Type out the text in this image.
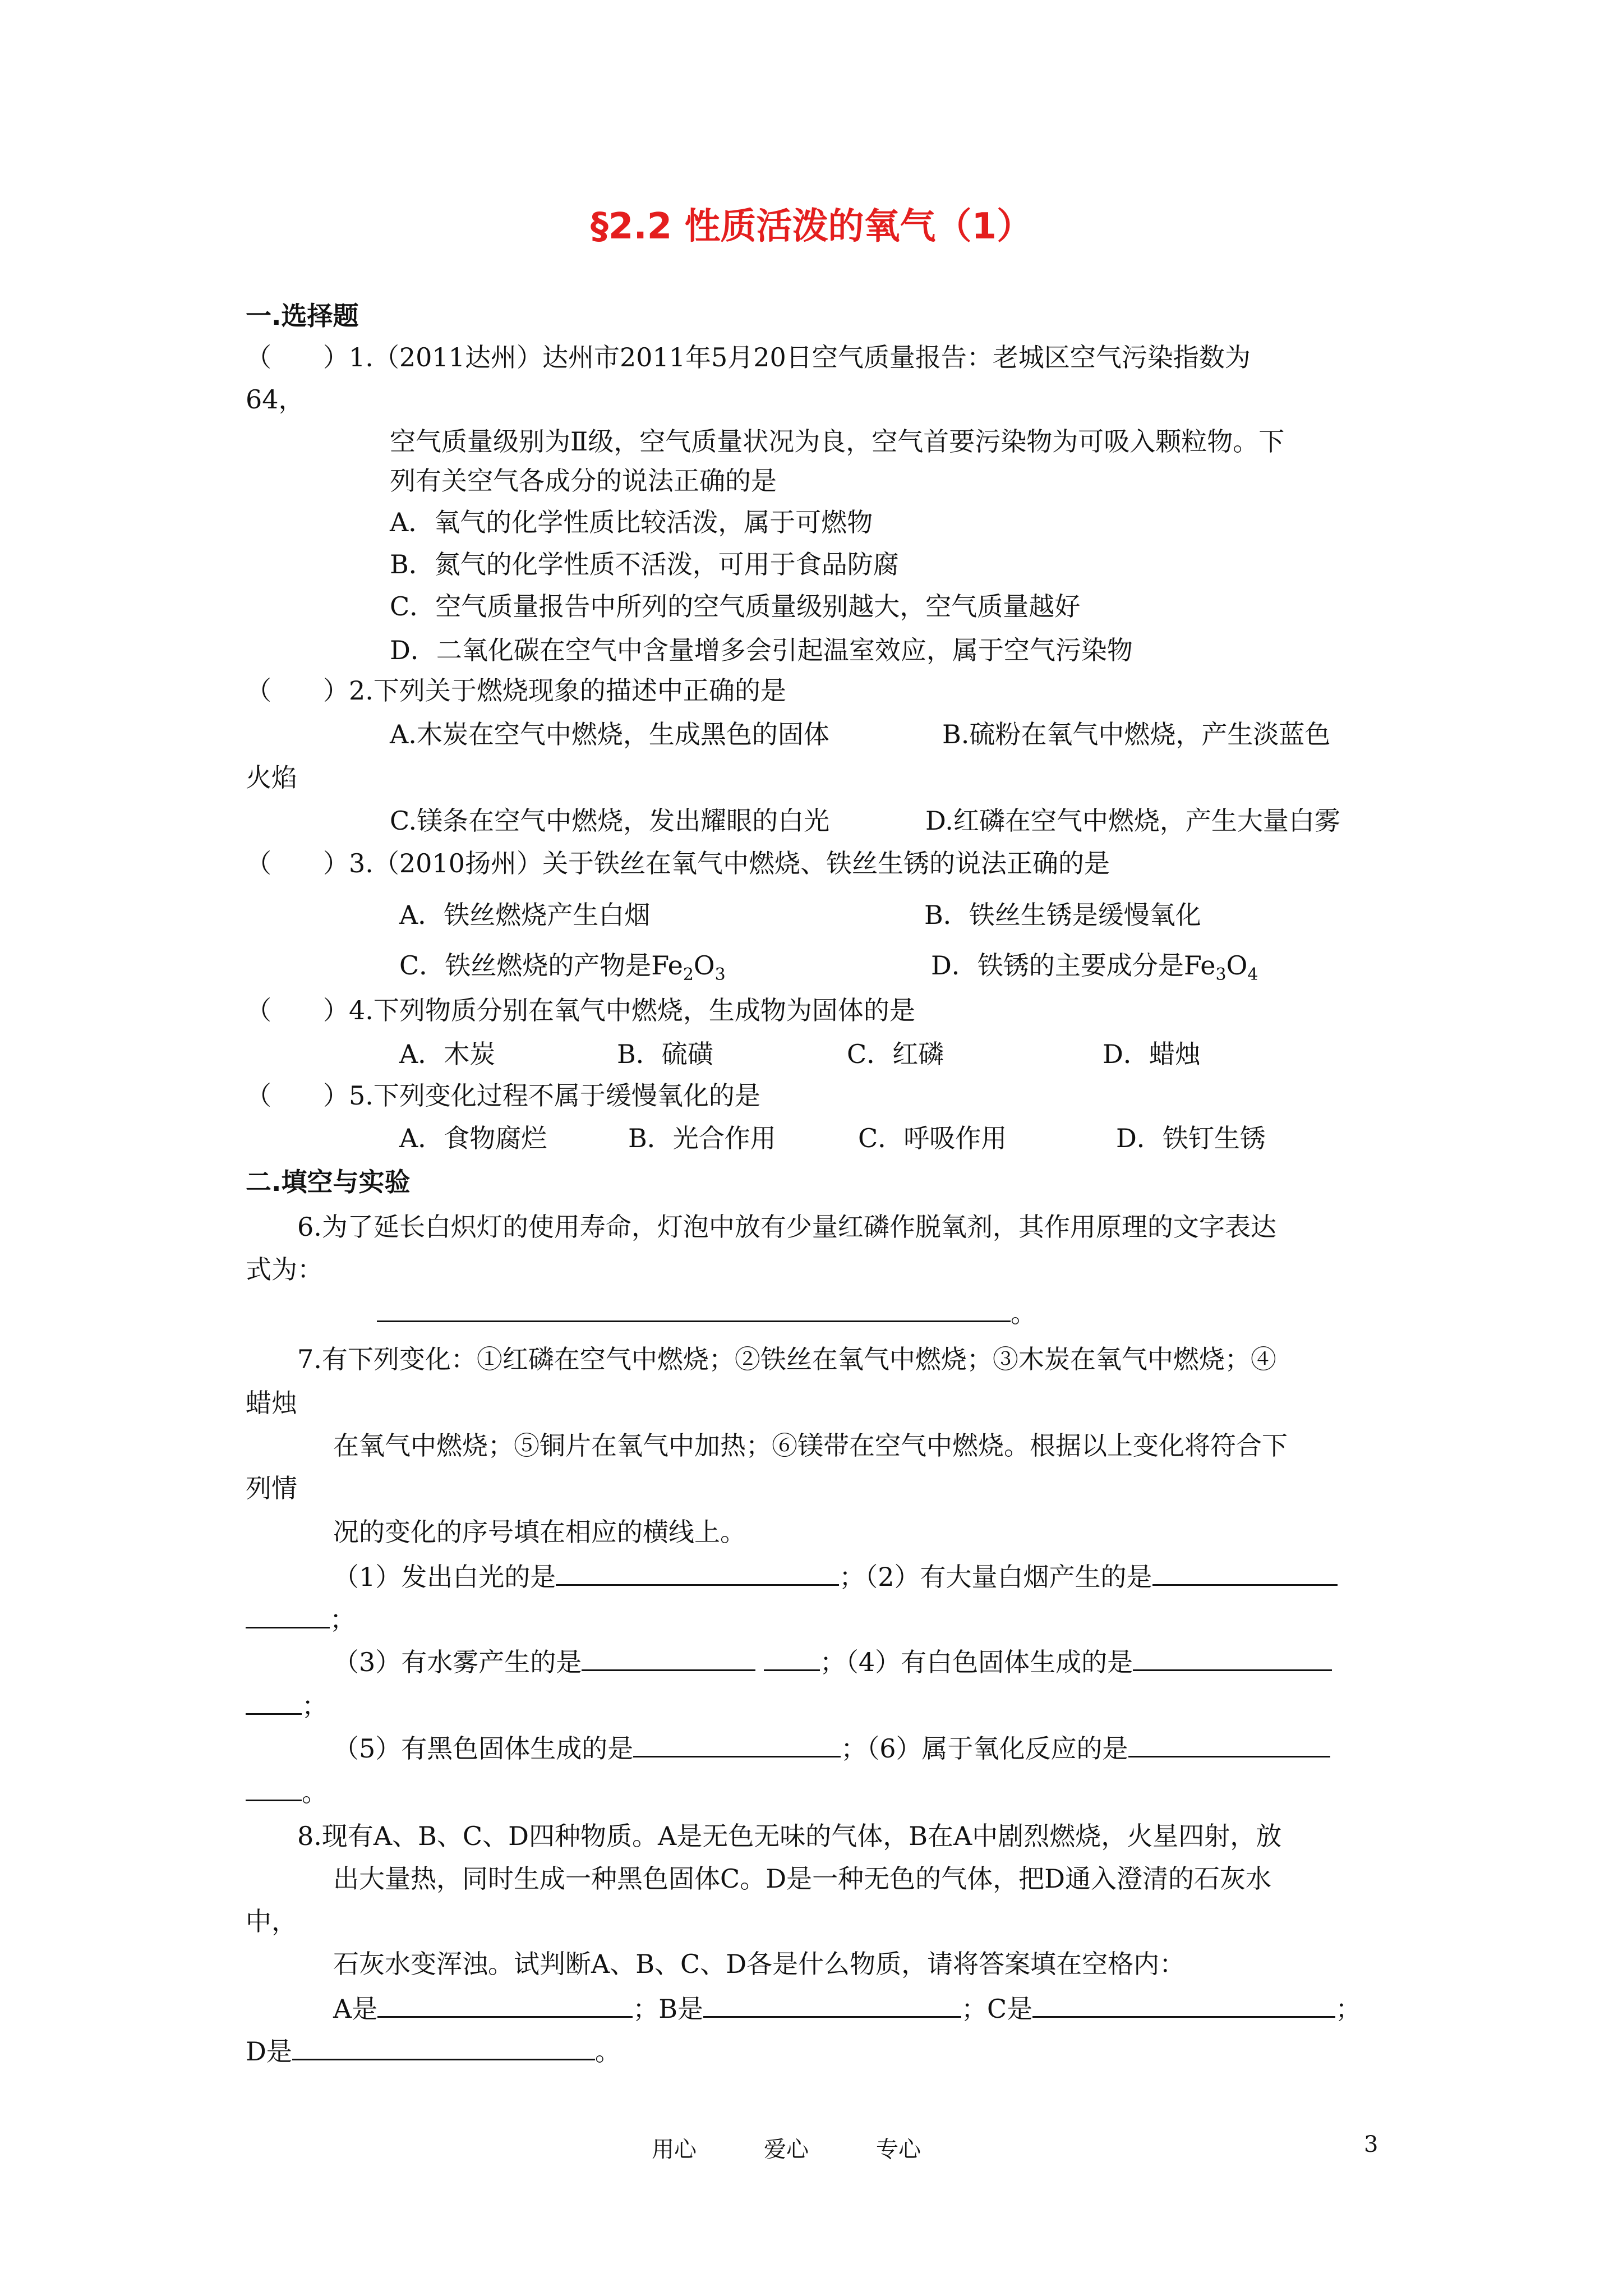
§2.2 性质活泼的氧气（1）
一.选择题
（　　）1.（2011达州）达州市2011年5月20日空气质量报告：老城区空气污染指数为
64，
空气质量级别为Ⅱ级，空气质量状况为良，空气首要污染物为可吸入颗粒物。下
列有关空气各成分的说法正确的是
A．氧气的化学性质比较活泼，属于可燃物
B．氮气的化学性质不活泼，可用于食品防腐
C．空气质量报告中所列的空气质量级别越大，空气质量越好
D．二氧化碳在空气中含量增多会引起温室效应，属于空气污染物
（　　）2.下列关于燃烧现象的描述中正确的是
A.木炭在空气中燃烧，生成黑色的固体	B.硫粉在氧气中燃烧，产生淡蓝色
火焰
C.镁条在空气中燃烧，发出耀眼的白光	D.红磷在空气中燃烧，产生大量白雾
（　　）3.（2010扬州）关于铁丝在氧气中燃烧、铁丝生锈的说法正确的是
A．铁丝燃烧产生白烟	B．铁丝生锈是缓慢氧化
C．铁丝燃烧的产物是$Fe_2O_3$	D．铁锈的主要成分是$Fe_3O_4$
（　　）4.下列物质分别在氧气中燃烧，生成物为固体的是
A．木炭	B．硫磺	C．红磷	D．蜡烛
（　　）5.下列变化过程不属于缓慢氧化的是
A．食物腐烂	B．光合作用	C．呼吸作用	D．铁钉生锈
二.填空与实验
6.为了延长白炽灯的使用寿命，灯泡中放有少量红磷作脱氧剂，其作用原理的文字表达
式为：
。
7.有下列变化：①红磷在空气中燃烧；②铁丝在氧气中燃烧；③木炭在氧气中燃烧；④
蜡烛
在氧气中燃烧；⑤铜片在氧气中加热；⑥镁带在空气中燃烧。根据以上变化将符合下
列情
况的变化的序号填在相应的横线上。
（1）发出白光的是	；（2）有大量白烟产生的是
；
（3）有水雾产生的是	；（4）有白色固体生成的是
；
（5）有黑色固体生成的是	；（6）属于氧化反应的是
。
8.现有A、B、C、D四种物质。A是无色无味的气体，B在A中剧烈燃烧，火星四射，放
出大量热，同时生成一种黑色固体C。D是一种无色的气体，把D通入澄清的石灰水
中，
石灰水变浑浊。试判断A、B、C、D各是什么物质，请将答案填在空格内：
A是	；B是	；C是	；
D是	。
用心	爱心	专心	3
